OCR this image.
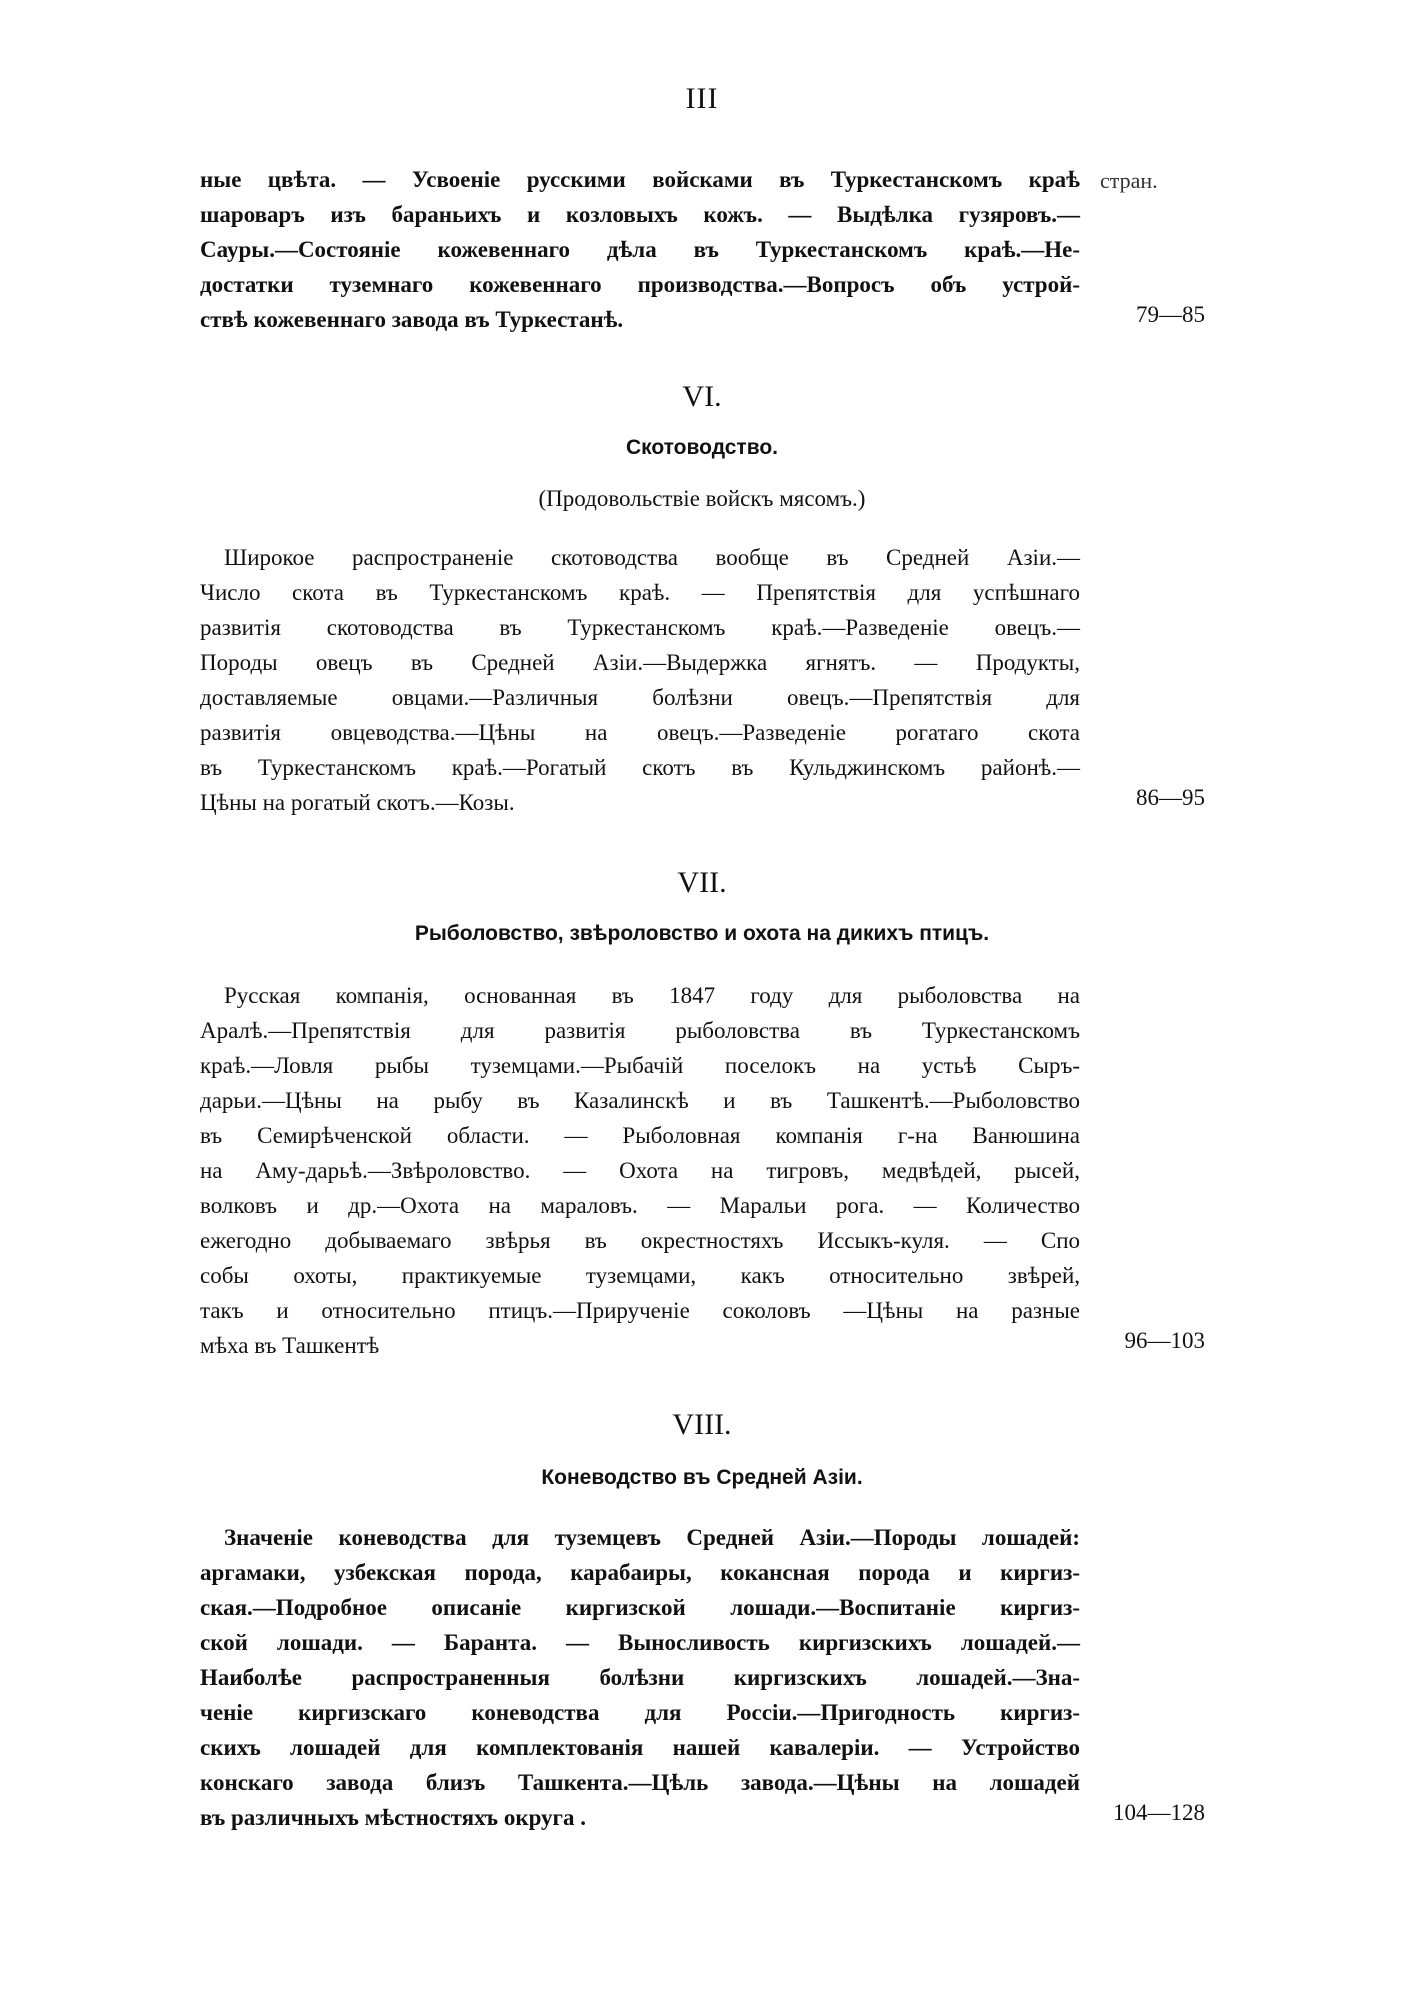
III
стран.

ные цвѣта. — Усвоеніе русскими войсками въ Туркестанскомъ краѣ
шароваръ изъ бараньихъ и козловыхъ кожъ. — Выдѣлка гузяровъ.—
Сауры.—Состояніе кожевеннаго дѣла въ Туркестанскомъ краѣ.—Не-
достатки туземнаго кожевеннаго производства.—Вопросъ объ устрой-
ствѣ кожевеннаго завода въ Туркестанѣ.	79—85
VI.
Скотоводство.
(Продовольствіе войскъ мясомъ.)

Широкое распространеніе скотоводства вообще въ Средней Азіи.—
Число скота въ Туркестанскомъ краѣ. — Препятствія для успѣшнаго
развитія скотоводства въ Туркестанскомъ краѣ.—Разведеніе овецъ.—
Породы овецъ въ Средней Азіи.—Выдержка ягнятъ. — Продукты,
доставляемые овцами.—Различныя болѣзни овецъ.—Препятствія для
развитія овцеводства.—Цѣны на овецъ.—Разведеніе рогатаго скота
въ Туркестанскомъ краѣ.—Рогатый скотъ въ Кульджинскомъ районѣ.—
Цѣны на рогатый скотъ.—Козы.	86—95
VII.
Рыболовство, звѣроловство и охота на дикихъ птицъ.

Русская компанія, основанная въ 1847 году для рыболовства на
Аралѣ.—Препятствія для развитія рыболовства въ Туркестанскомъ
краѣ.—Ловля рыбы туземцами.—Рыбачій поселокъ на устьѣ Сыръ-
дарьи.—Цѣны на рыбу въ Казалинскѣ и въ Ташкентѣ.—Рыболовство
въ Семирѣченской области. — Рыболовная компанія г-на Ванюшина
на Аму-дарьѣ.—Звѣроловство. — Охота на тигровъ, медвѣдей, рысей,
волковъ и др.—Охота на мараловъ. — Маральи рога. — Количество
ежегодно добываемаго звѣрья въ окрестностяхъ Иссыкъ-куля. — Спо
собы охоты, практикуемые туземцами, какъ относительно звѣрей,
такъ и относительно птицъ.—Прирученіе соколовъ —Цѣны на разные
мѣха въ Ташкентѣ	96—103
VIII.
Коневодство въ Средней Азіи.

Значеніе коневодства для туземцевъ Средней Азіи.—Породы лошадей:
аргамаки, узбекская порода, карабаиры, кокансная порода и киргиз-
ская.—Подробное описаніе киргизской лошади.—Воспитаніе киргиз-
ской лошади. — Баранта. — Выносливость киргизскихъ лошадей.—
Наиболѣе распространенныя болѣзни киргизскихъ лошадей.—Зна-
ченіе киргизскаго коневодства для Россіи.—Пригодность киргиз-
скихъ лошадей для комплектованія нашей кавалеріи. — Устройство
конскаго завода близъ Ташкента.—Цѣль завода.—Цѣны на лошадей
въ различныхъ мѣстностяхъ округа .	104—128
